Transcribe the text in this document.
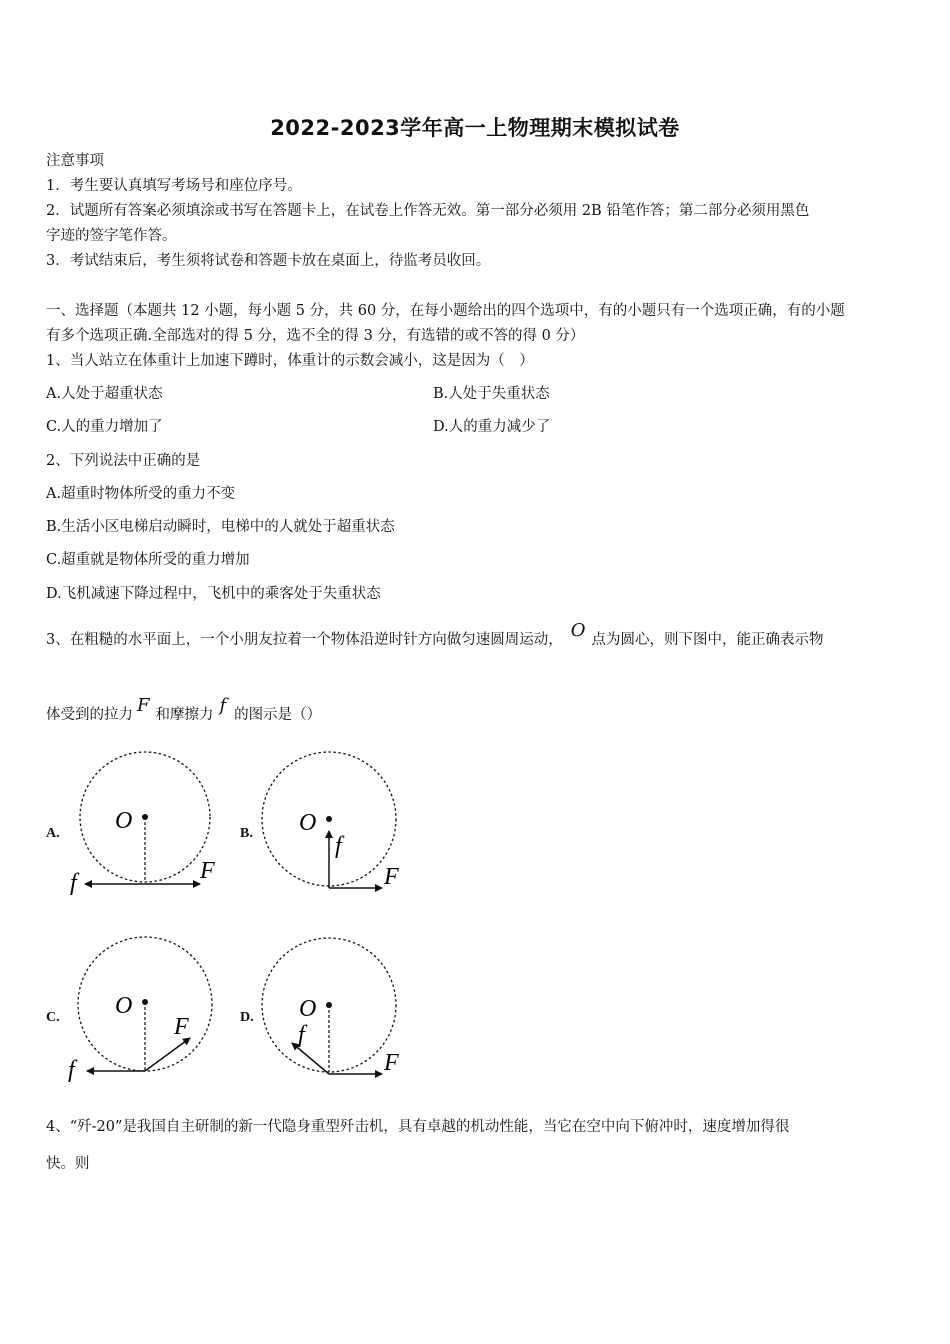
2022-2023学年高一上物理期末模拟试卷
注意事项
1．考生要认真填写考场号和座位序号。
2．试题所有答案必须填涂或书写在答题卡上，在试卷上作答无效。第一部分必须用 2B 铅笔作答；第二部分必须用黑色
字迹的签字笔作答。
3．考试结束后，考生须将试卷和答题卡放在桌面上，待监考员收回。
一、选择题（本题共 12 小题，每小题 5 分，共 60 分，在每小题给出的四个选项中，有的小题只有一个选项正确，有的小题
有多个选项正确.全部选对的得 5 分，选不全的得 3 分，有选错的或不答的得 0 分）
1、当人站立在体重计上加速下蹲时，体重计的示数会减小，这是因为（　）
A.人处于超重状态	B.人处于失重状态
C.人的重力增加了	D.人的重力减少了
2、下列说法中正确的是
A.超重时物体所受的重力不变
B.生活小区电梯启动瞬时，电梯中的人就处于超重状态
C.超重就是物体所受的重力增加
D.飞机减速下降过程中，飞机中的乘客处于失重状态
3、在粗糙的水平面上，一个小朋友拉着一个物体沿逆时针方向做匀速圆周运动， O 点为圆心，则下图中，能正确表示物
体受到的拉力 F 和摩擦力 f 的图示是（）
A. O
F
f
B. O
f
F
C. O
F
f
D. O
f
F
4、“歼-20”是我国自主研制的新一代隐身重型歼击机，具有卓越的机动性能，当它在空中向下俯冲时，速度增加得很
快。则
